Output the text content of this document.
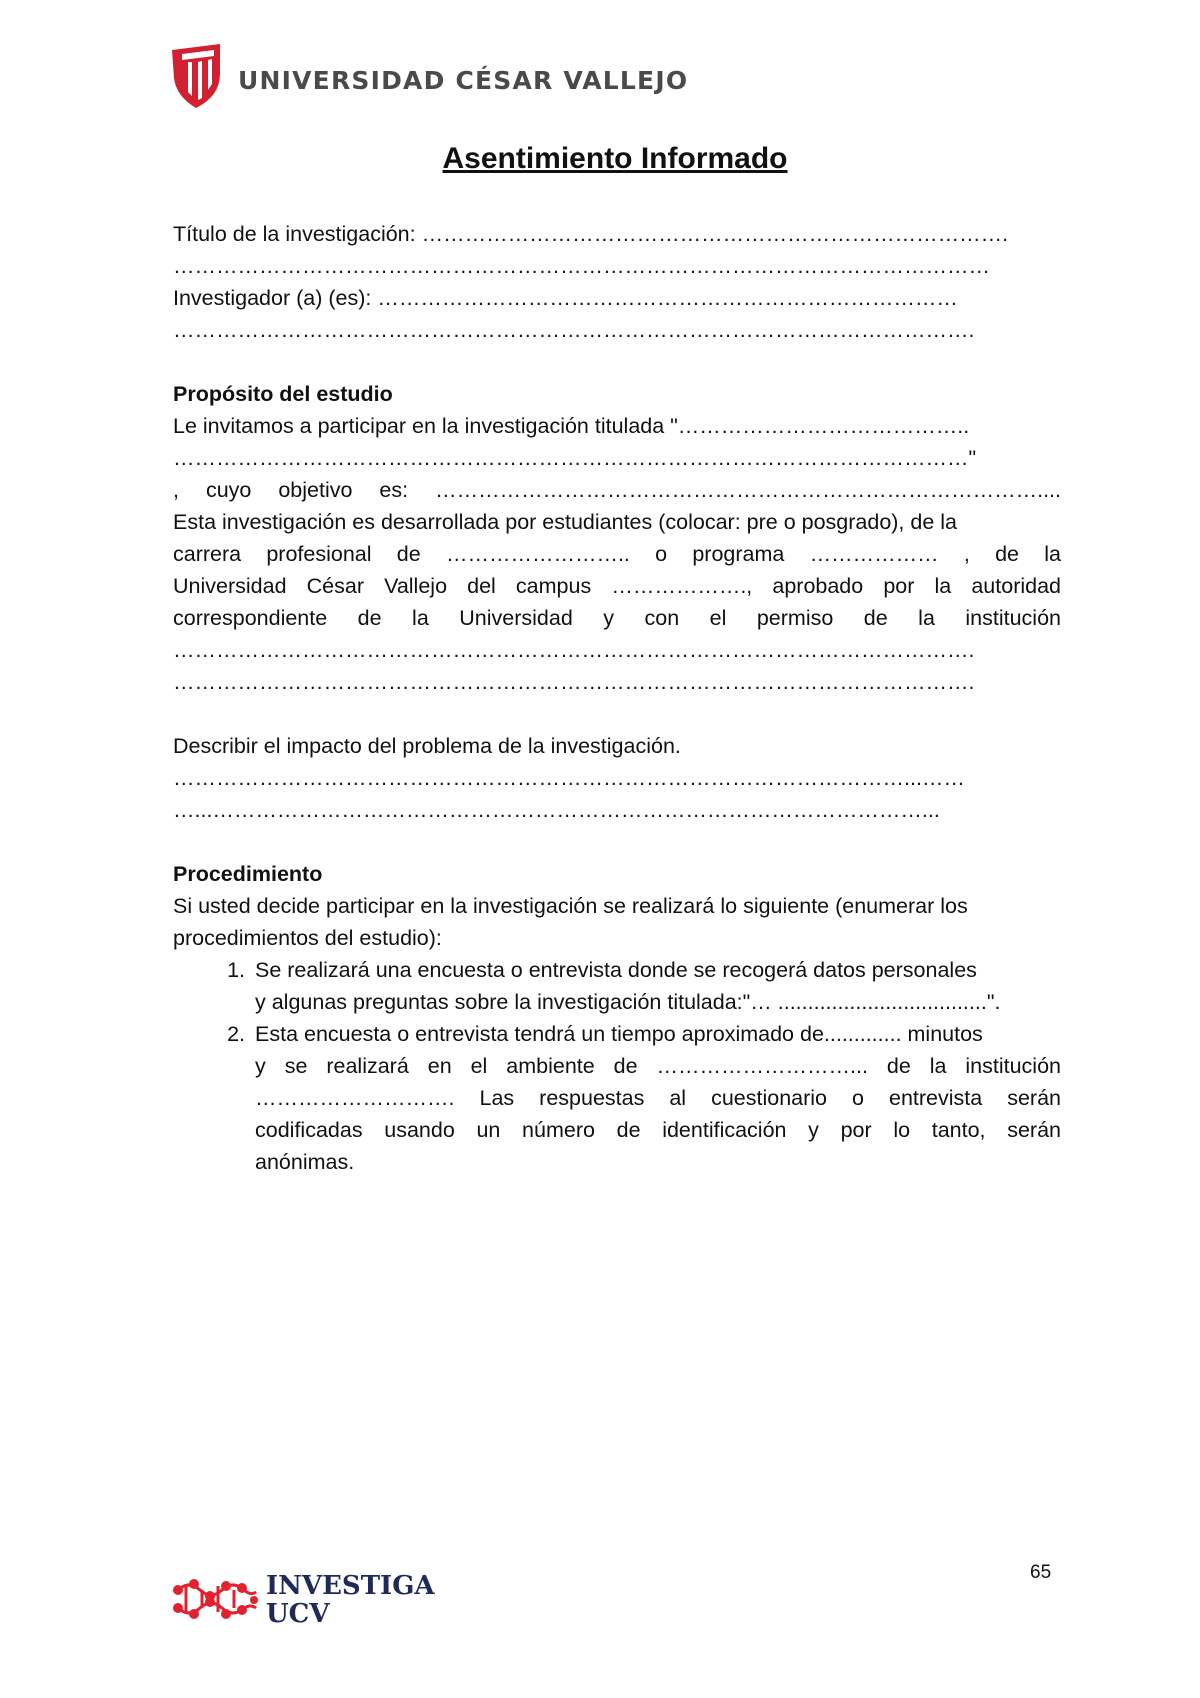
UNIVERSIDAD CÉSAR VALLEJO
Asentimiento Informado
Título de la investigación: ……………………………………………………………………….
……………………………………………………………………………………………………
Investigador (a) (es): ………………………………………………………………………
………………………………………………………………………………………………….
Propósito del estudio
Le invitamos a participar en la investigación titulada "…………………………………..
…………………………………………………………………………………………………"
, cuyo objetivo es: …………………………………………………………………………....
Esta investigación es desarrollada por estudiantes (colocar: pre o posgrado), de la
carrera profesional de …………………….. o programa ……………… , de la
Universidad César Vallejo del campus ………………., aprobado por la autoridad
correspondiente de la Universidad y con el permiso de la institución
………………………………………………………………………………………………….
………………………………………………………………………………………………….
Describir el impacto del problema de la investigación.
…………………………………………………………………………………………...……
…...………………………………………………………………………………………...
Procedimiento
Si usted decide participar en la investigación se realizará lo siguiente (enumerar los
procedimientos del estudio):
1. Se realizará una encuesta o entrevista donde se recogerá datos personales
y algunas preguntas sobre la investigación titulada:"… ...................................".
2. Esta encuesta o entrevista tendrá un tiempo aproximado de............. minutos
y se realizará en el ambiente de ………………………... de la institución
………………………. Las respuestas al cuestionario o entrevista serán
codificadas usando un número de identificación y por lo tanto, serán
anónimas.
INVESTIGA
UCV
65
